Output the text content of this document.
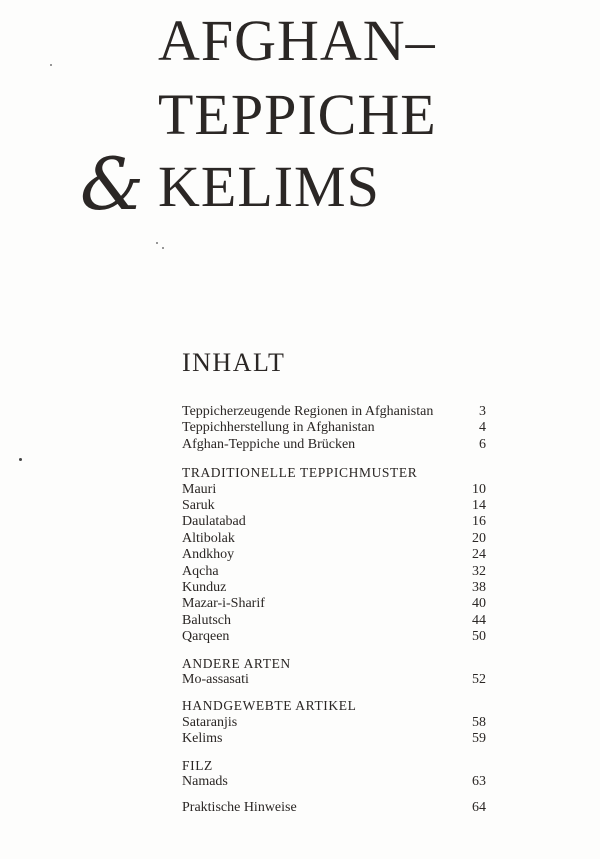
AFGHAN–
TEPPICHE
& KELIMS
INHALT
Teppicherzeugende Regionen in Afghanistan	3
Teppichherstellung in Afghanistan	4
Afghan-Teppiche und Brücken	6
TRADITIONELLE TEPPICHMUSTER
Mauri	10
Saruk	14
Daulatabad	16
Altibolak	20
Andkhoy	24
Aqcha	32
Kunduz	38
Mazar-i-Sharif	40
Balutsch	44
Qarqeen	50
ANDERE ARTEN
Mo-assasati	52
HANDGEWEBTE ARTIKEL
Sataranjis	58
Kelims	59
FILZ
Namads	63
Praktische Hinweise	64
